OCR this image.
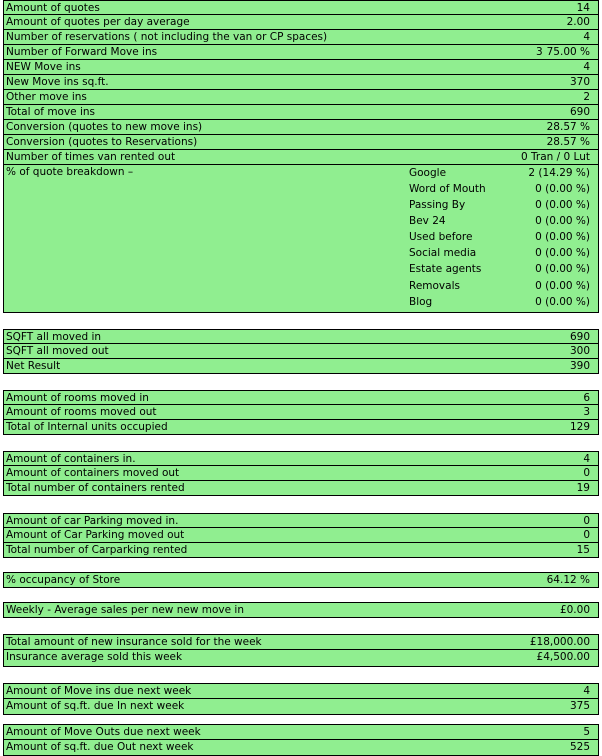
Amount of quotes	14
Amount of quotes per day average	2.00
Number of reservations ( not including the van or CP spaces)	4
Number of Forward Move ins	3 75.00 %
NEW Move ins	4
New Move ins sq.ft.	370
Other move ins	2
Total of move ins	690
Conversion (quotes to new move ins)	28.57 %
Conversion (quotes to Reservations)	28.57 %
Number of times van rented out	0 Tran / 0 Lut
% of quote breakdown –	Google	2 (14.29 %)
Word of Mouth	0 (0.00 %)
Passing By	0 (0.00 %)
Bev 24	0 (0.00 %)
Used before	0 (0.00 %)
Social media	0 (0.00 %)
Estate agents	0 (0.00 %)
Removals	0 (0.00 %)
Blog	0 (0.00 %)
SQFT all moved in	690
SQFT all moved out	300
Net Result	390
Amount of rooms moved in	6
Amount of rooms moved out	3
Total of Internal units occupied	129
Amount of containers in.	4
Amount of containers moved out	0
Total number of containers rented	19
Amount of car Parking moved in.	0
Amount of Car Parking moved out	0
Total number of Carparking rented	15
% occupancy of Store	64.12 %
Weekly - Average sales per new new move in	£0.00
Total amount of new insurance sold for the week	£18,000.00
Insurance average sold this week	£4,500.00
Amount of Move ins due next week	4
Amount of sq.ft. due In next week	375
Amount of Move Outs due next week	5
Amount of sq.ft. due Out next week	525
